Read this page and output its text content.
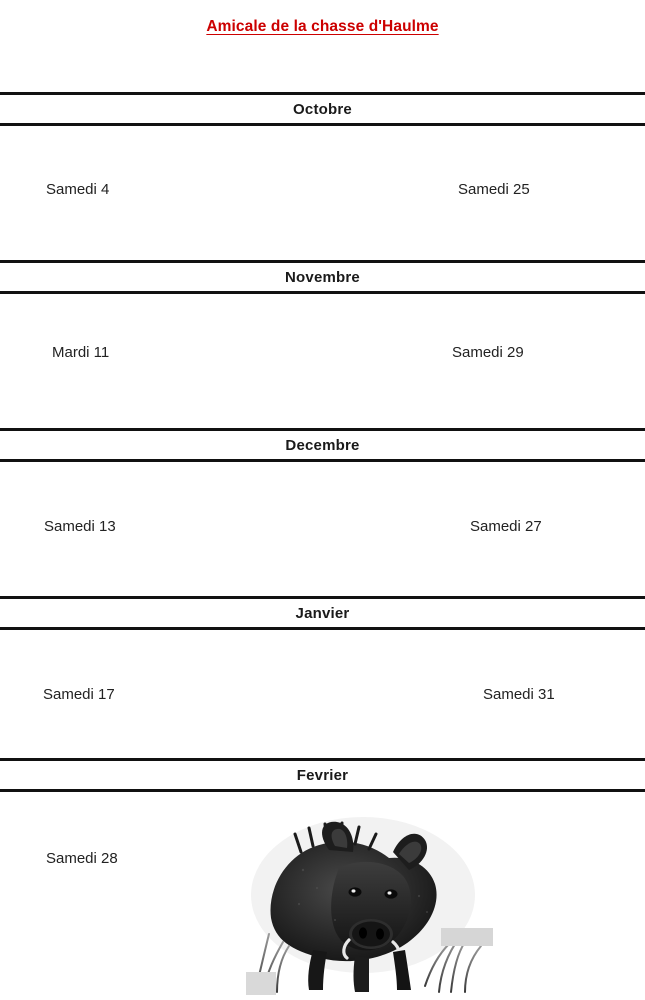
Amicale de la chasse d'Haulme
Octobre
Samedi 4	Samedi 25
Novembre
Mardi 11	Samedi 29
Decembre
Samedi 13	Samedi 27
Janvier
Samedi 17	Samedi 31
Fevrier
Samedi 28
